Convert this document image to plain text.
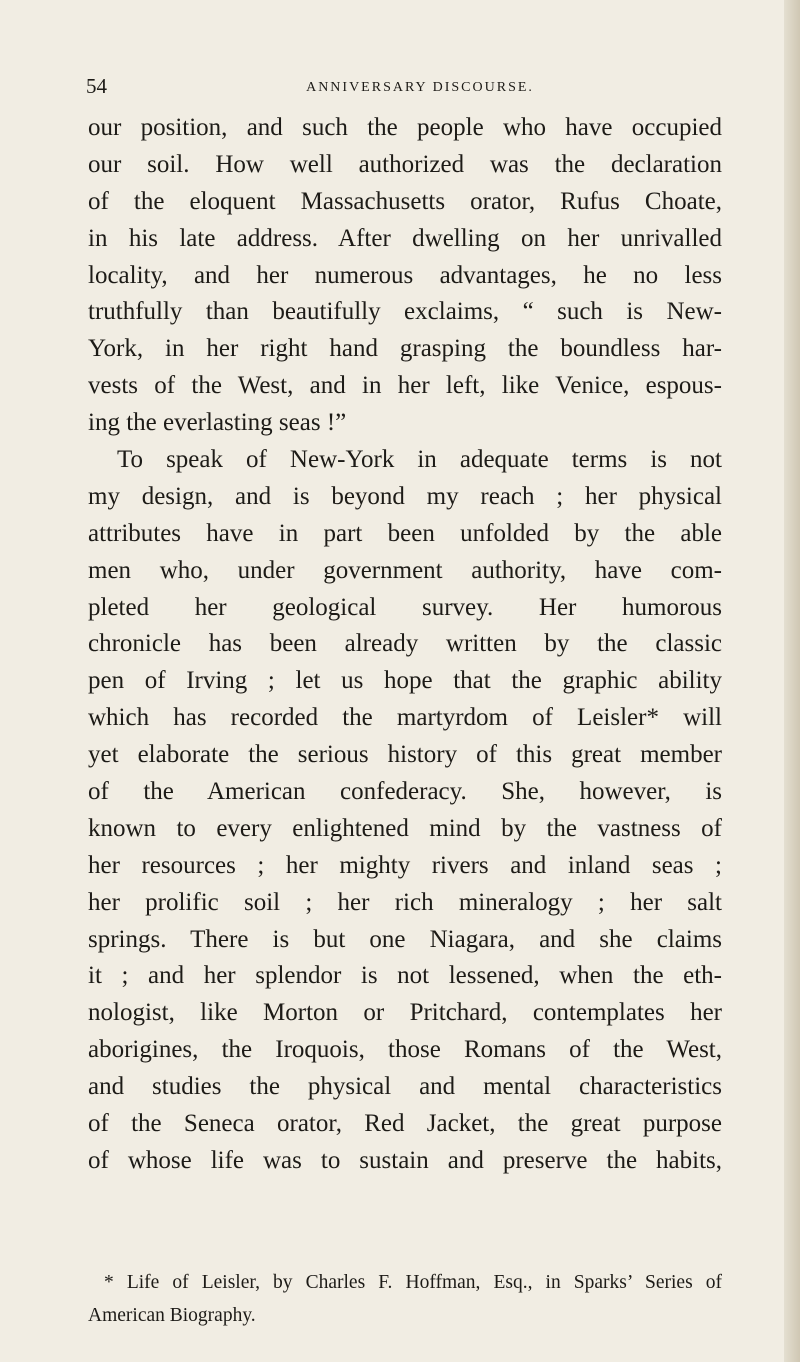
54	ANNIVERSARY DISCOURSE.
our position, and such the people who have occupied
our soil. How well authorized was the declaration
of the eloquent Massachusetts orator, Rufus Choate,
in his late address. After dwelling on her unrivalled
locality, and her numerous advantages, he no less
truthfully than beautifully exclaims, “ such is New-
York, in her right hand grasping the boundless har-
vests of the West, and in her left, like Venice, espous-
ing the everlasting seas !”
To speak of New-York in adequate terms is not
my design, and is beyond my reach ; her physical
attributes have in part been unfolded by the able
men who, under government authority, have com-
pleted her geological survey. Her humorous
chronicle has been already written by the classic
pen of Irving ; let us hope that the graphic ability
which has recorded the martyrdom of Leisler* will
yet elaborate the serious history of this great member
of the American confederacy. She, however, is
known to every enlightened mind by the vastness of
her resources ; her mighty rivers and inland seas ;
her prolific soil ; her rich mineralogy ; her salt
springs. There is but one Niagara, and she claims
it ; and her splendor is not lessened, when the eth-
nologist, like Morton or Pritchard, contemplates her
aborigines, the Iroquois, those Romans of the West,
and studies the physical and mental characteristics
of the Seneca orator, Red Jacket, the great purpose
of whose life was to sustain and preserve the habits,
* Life of Leisler, by Charles F. Hoffman, Esq., in Sparks’ Series of
American Biography.
